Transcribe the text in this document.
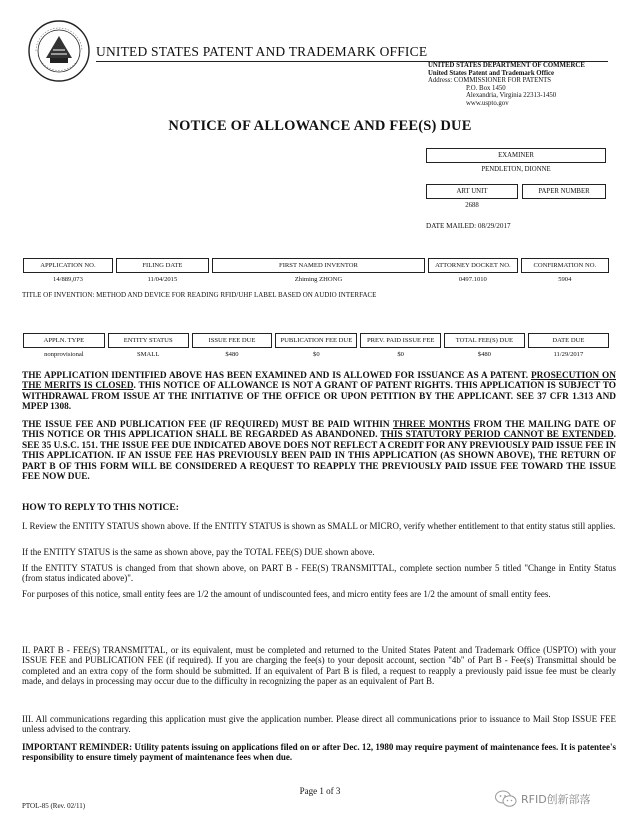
UNITED STATES PATENT AND TRADEMARK OFFICE
UNITED STATES DEPARTMENT OF COMMERCE
United States Patent and Trademark Office
Address: COMMISSIONER FOR PATENTS
P.O. Box 1450
Alexandria, Virginia 22313-1450
www.uspto.gov
NOTICE OF ALLOWANCE AND FEE(S) DUE
EXAMINER
PENDLETON, DIONNE
ART UNIT	PAPER NUMBER
2688
DATE MAILED: 08/29/2017
APPLICATION NO.	FILING DATE	FIRST NAMED INVENTOR	ATTORNEY DOCKET NO.	CONFIRMATION NO.
14/889,073	11/04/2015	Zhiming ZHONG	0497.1010	5904
TITLE OF INVENTION: METHOD AND DEVICE FOR READING RFID/UHF LABEL BASED ON AUDIO INTERFACE
APPLN. TYPE	ENTITY STATUS	ISSUE FEE DUE	PUBLICATION FEE DUE	PREV. PAID ISSUE FEE	TOTAL FEE(S) DUE	DATE DUE
nonprovisional	SMALL	$480	$0	$0	$480	11/29/2017
THE APPLICATION IDENTIFIED ABOVE HAS BEEN EXAMINED AND IS ALLOWED FOR ISSUANCE AS A PATENT. PROSECUTION ON THE MERITS IS CLOSED. THIS NOTICE OF ALLOWANCE IS NOT A GRANT OF PATENT RIGHTS. THIS APPLICATION IS SUBJECT TO WITHDRAWAL FROM ISSUE AT THE INITIATIVE OF THE OFFICE OR UPON PETITION BY THE APPLICANT. SEE 37 CFR 1.313 AND MPEP 1308.
THE ISSUE FEE AND PUBLICATION FEE (IF REQUIRED) MUST BE PAID WITHIN THREE MONTHS FROM THE MAILING DATE OF THIS NOTICE OR THIS APPLICATION SHALL BE REGARDED AS ABANDONED. THIS STATUTORY PERIOD CANNOT BE EXTENDED. SEE 35 U.S.C. 151. THE ISSUE FEE DUE INDICATED ABOVE DOES NOT REFLECT A CREDIT FOR ANY PREVIOUSLY PAID ISSUE FEE IN THIS APPLICATION. IF AN ISSUE FEE HAS PREVIOUSLY BEEN PAID IN THIS APPLICATION (AS SHOWN ABOVE), THE RETURN OF PART B OF THIS FORM WILL BE CONSIDERED A REQUEST TO REAPPLY THE PREVIOUSLY PAID ISSUE FEE TOWARD THE ISSUE FEE NOW DUE.
HOW TO REPLY TO THIS NOTICE:
I. Review the ENTITY STATUS shown above. If the ENTITY STATUS is shown as SMALL or MICRO, verify whether entitlement to that entity status still applies.
If the ENTITY STATUS is the same as shown above, pay the TOTAL FEE(S) DUE shown above.
If the ENTITY STATUS is changed from that shown above, on PART B - FEE(S) TRANSMITTAL, complete section number 5 titled "Change in Entity Status (from status indicated above)".
For purposes of this notice, small entity fees are 1/2 the amount of undiscounted fees, and micro entity fees are 1/2 the amount of small entity fees.
II. PART B - FEE(S) TRANSMITTAL, or its equivalent, must be completed and returned to the United States Patent and Trademark Office (USPTO) with your ISSUE FEE and PUBLICATION FEE (if required). If you are charging the fee(s) to your deposit account, section "4b" of Part B - Fee(s) Transmittal should be completed and an extra copy of the form should be submitted. If an equivalent of Part B is filed, a request to reapply a previously paid issue fee must be clearly made, and delays in processing may occur due to the difficulty in recognizing the paper as an equivalent of Part B.
III. All communications regarding this application must give the application number. Please direct all communications prior to issuance to Mail Stop ISSUE FEE unless advised to the contrary.
IMPORTANT REMINDER: Utility patents issuing on applications filed on or after Dec. 12, 1980 may require payment of maintenance fees. It is patentee's responsibility to ensure timely payment of maintenance fees when due.
Page 1 of 3
PTOL-85 (Rev. 02/11)	RFID创新部落
